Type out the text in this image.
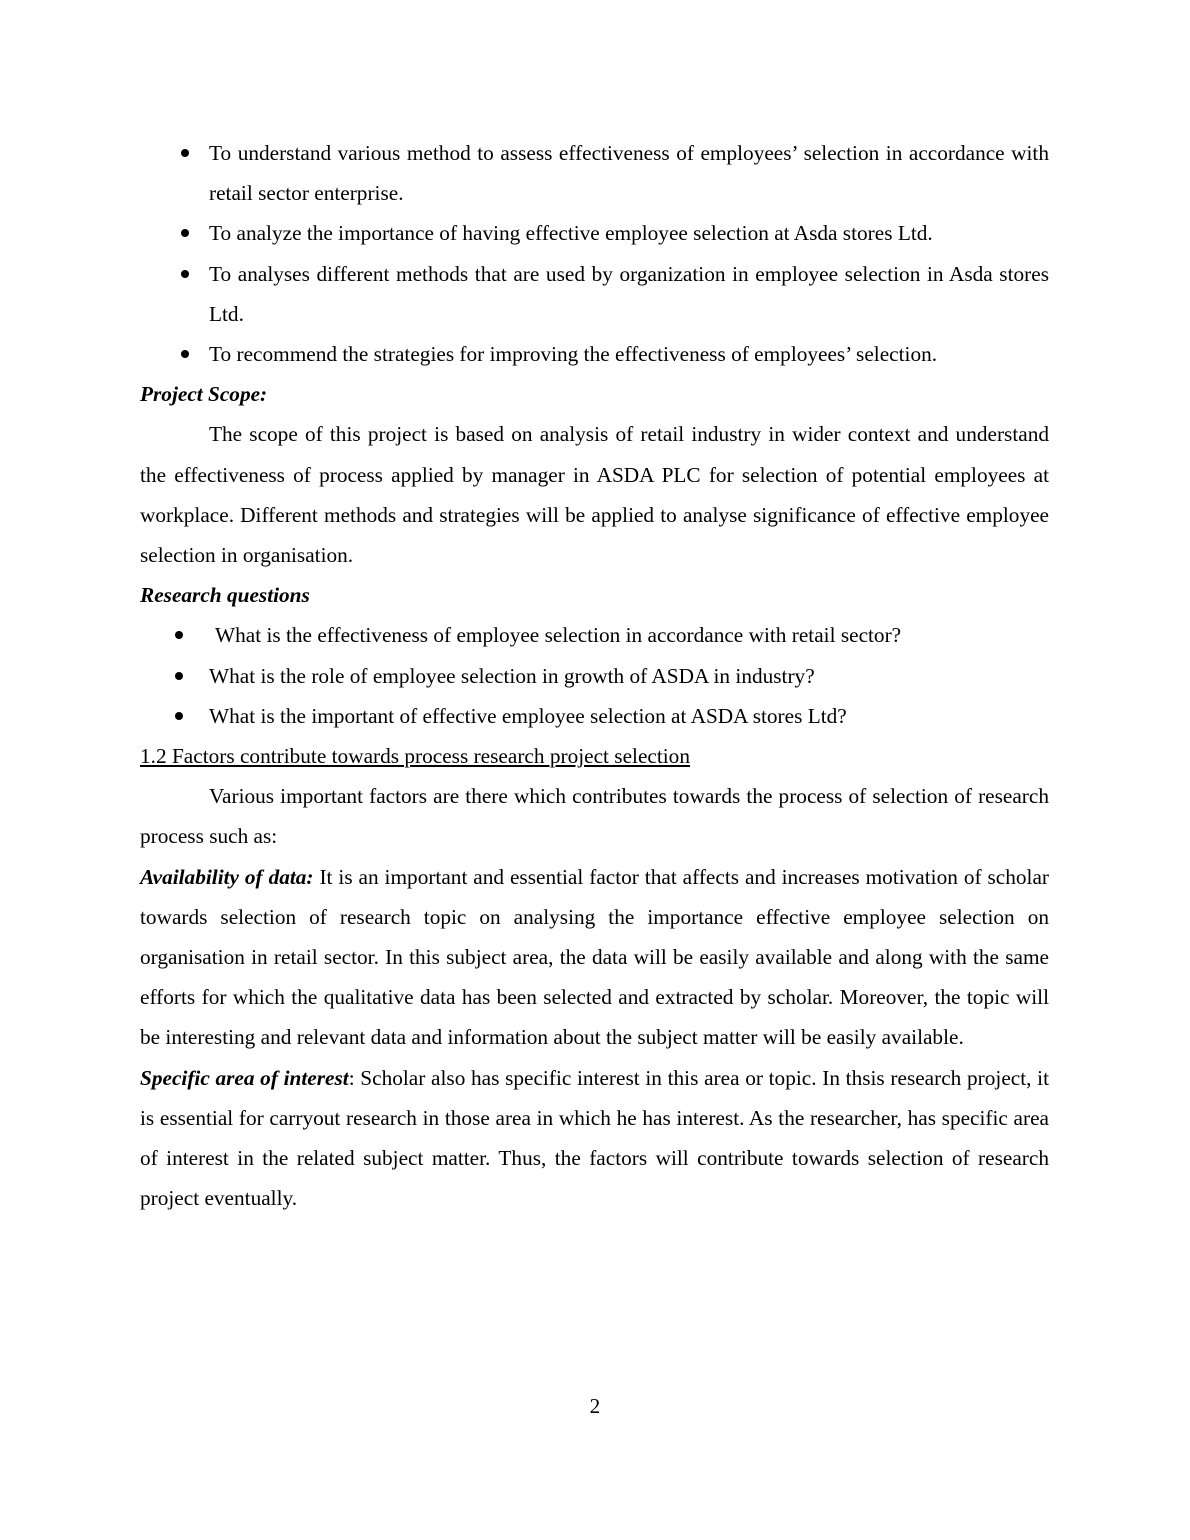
To understand various method to assess effectiveness of employees’ selection in accordance with retail sector enterprise.
To analyze the importance of having effective employee selection at Asda stores Ltd.
To analyses different methods that are used by organization in employee selection in Asda stores Ltd.
To recommend the strategies for improving the effectiveness of employees’ selection.
Project Scope:

The scope of this project is based on analysis of retail industry in wider context and understand the effectiveness of process applied by manager in ASDA PLC for selection of potential employees at workplace. Different methods and strategies will be applied to analyse significance of effective employee selection in organisation.

Research questions
What is the effectiveness of employee selection in accordance with retail sector?
What is the role of employee selection in growth of ASDA in industry?
What is the important of effective employee selection at ASDA stores Ltd?

1.2 Factors contribute towards process research project selection

Various important factors are there which contributes towards the process of selection of research process such as:

Availability of data: It is an important and essential factor that affects and increases motivation of scholar towards selection of research topic on analysing the importance effective employee selection on organisation in retail sector. In this subject area, the data will be easily available and along with the same efforts for which the qualitative data has been selected and extracted by scholar. Moreover, the topic will be interesting and relevant data and information about the subject matter will be easily available.

Specific area of interest: Scholar also has specific interest in this area or topic. In thsis research project, it is essential for carryout research in those area in which he has interest. As the researcher, has specific area of interest in the related subject matter. Thus, the factors will contribute towards selection of research project eventually.

2
